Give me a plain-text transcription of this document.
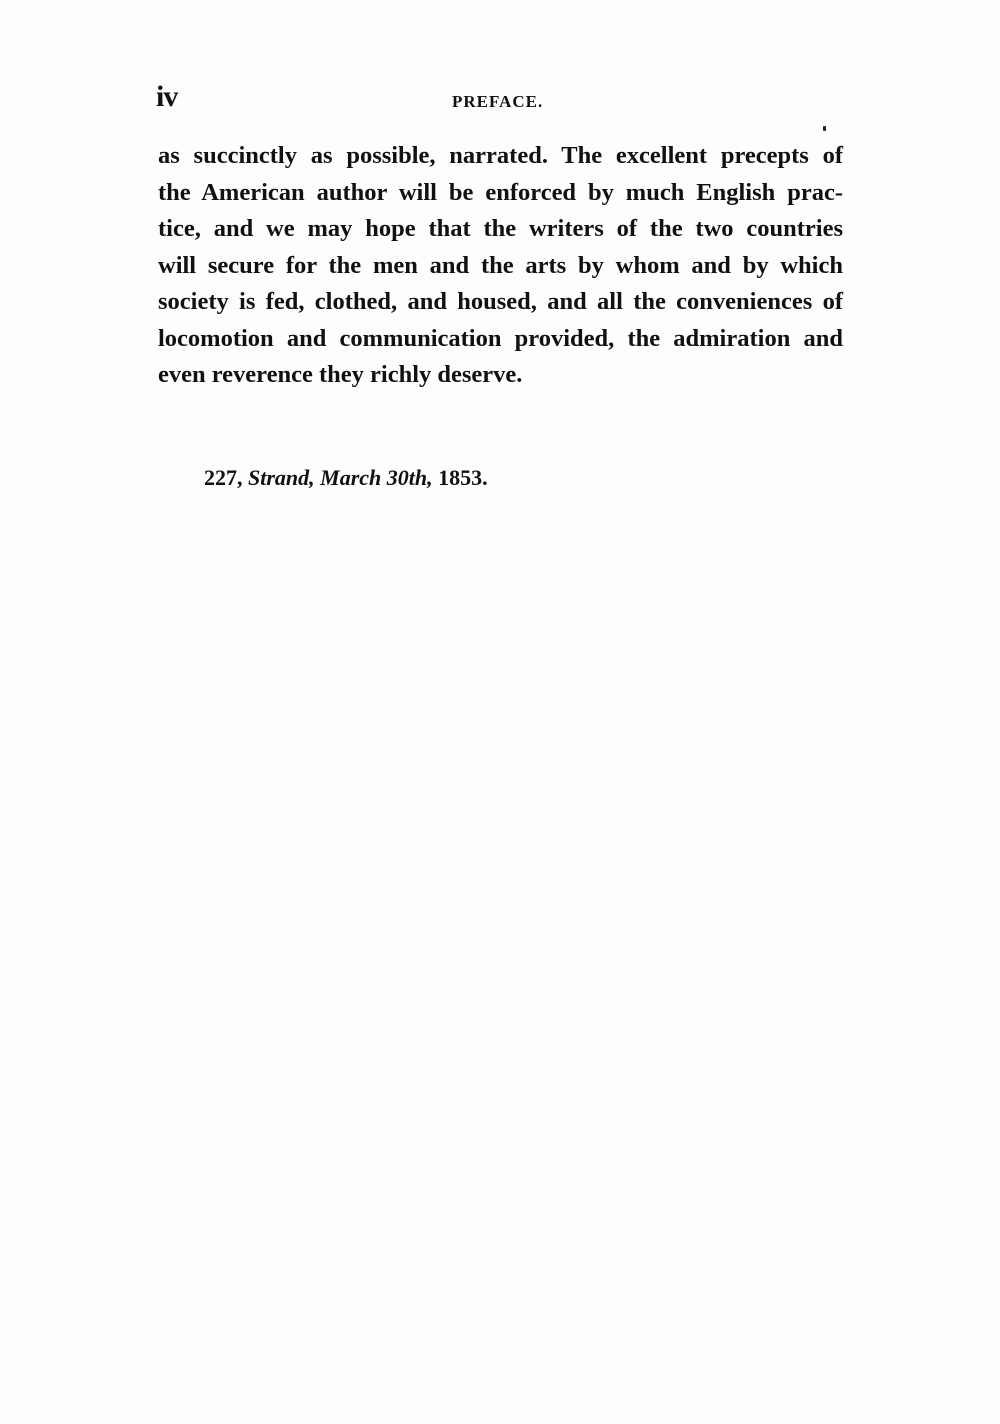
iv	PREFACE.
as succinctly as possible, narrated. The excellent precepts of
the American author will be enforced by much English prac-
tice, and we may hope that the writers of the two countries
will secure for the men and the arts by whom and by which
society is fed, clothed, and housed, and all the conveniences of
locomotion and communication provided, the admiration and
even reverence they richly deserve.
227, Strand, March 30th, 1853.
